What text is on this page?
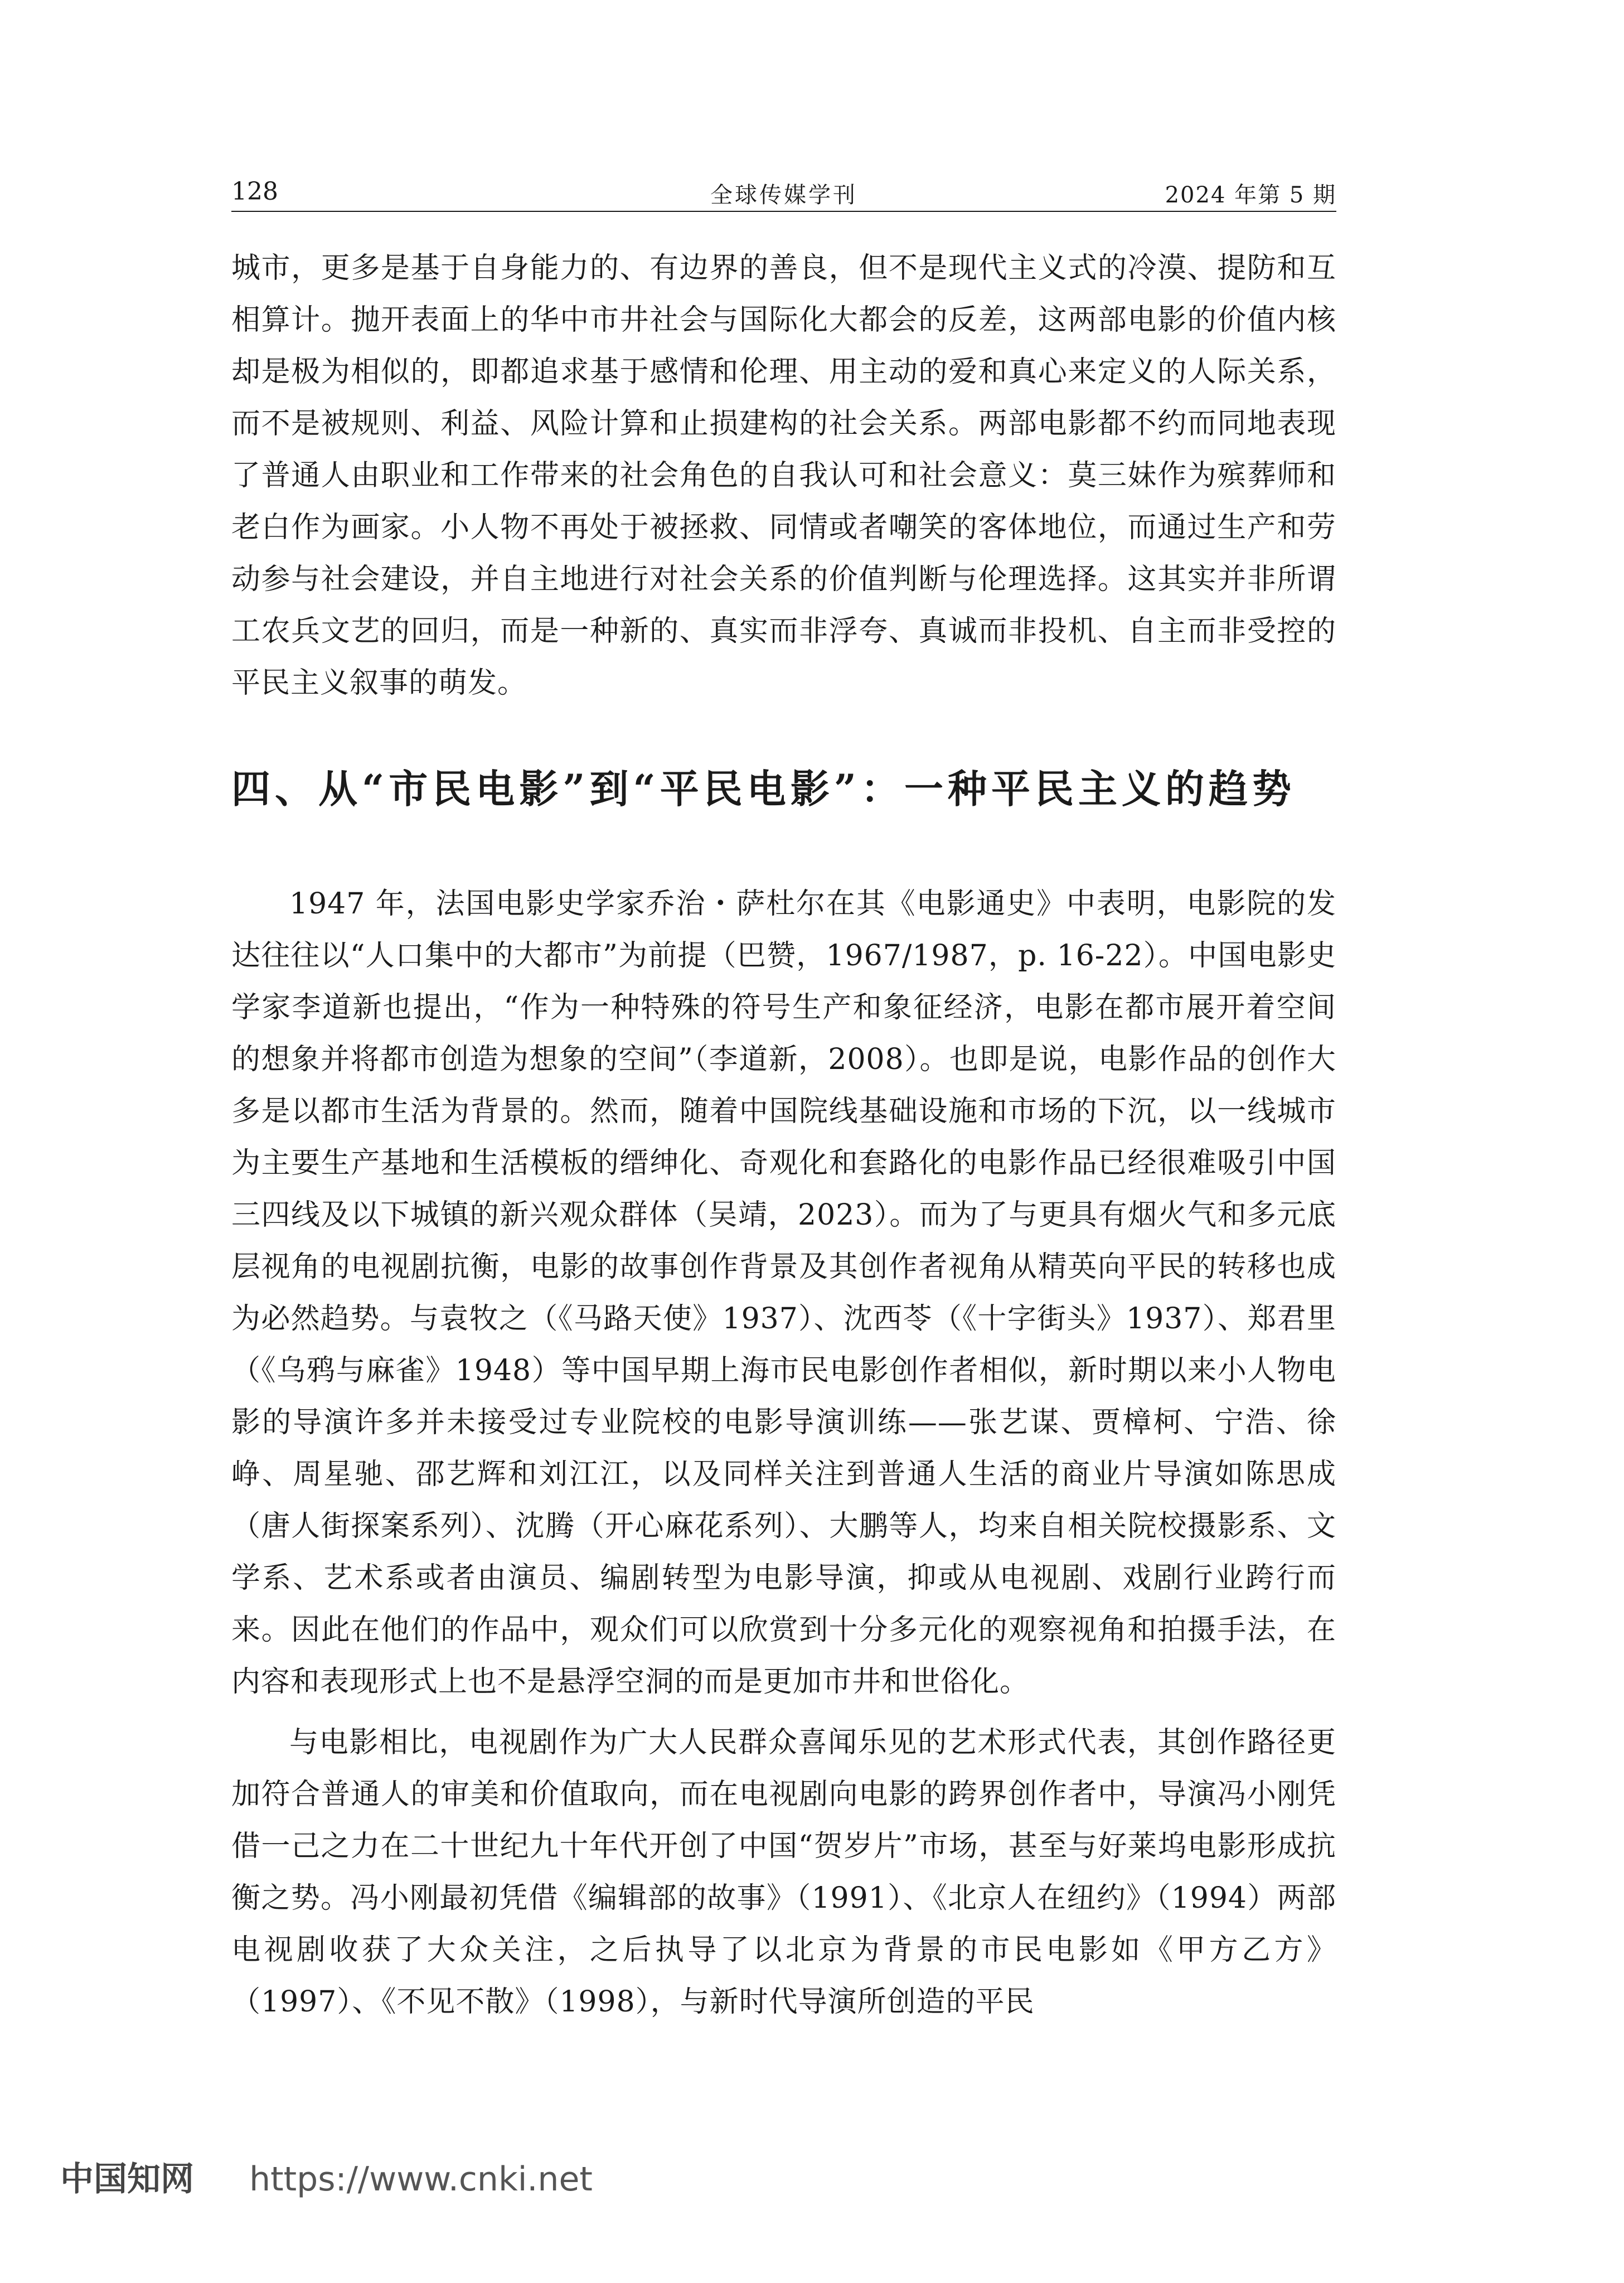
128	全球传媒学刊	2024 年第 5 期

城市，更多是基于自身能力的、有边界的善良，但不是现代主义式的冷漠、提防和互相算计。抛开表面上的华中市井社会与国际化大都会的反差，这两部电影的价值内核却是极为相似的，即都追求基于感情和伦理、用主动的爱和真心来定义的人际关系，而不是被规则、利益、风险计算和止损建构的社会关系。两部电影都不约而同地表现了普通人由职业和工作带来的社会角色的自我认可和社会意义：莫三妹作为殡葬师和老白作为画家。小人物不再处于被拯救、同情或者嘲笑的客体地位，而通过生产和劳动参与社会建设，并自主地进行对社会关系的价值判断与伦理选择。这其实并非所谓工农兵文艺的回归，而是一种新的、真实而非浮夸、真诚而非投机、自主而非受控的平民主义叙事的萌发。

四、从“市民电影”到“平民电影”：一种平民主义的趋势

1947 年，法国电影史学家乔治・萨杜尔在其《电影通史》中表明，电影院的发达往往以“人口集中的大都市”为前提（巴赞，1967/1987，p. 16-22）。中国电影史学家李道新也提出，“作为一种特殊的符号生产和象征经济，电影在都市展开着空间的想象并将都市创造为想象的空间”（李道新，2008）。也即是说，电影作品的创作大多是以都市生活为背景的。然而，随着中国院线基础设施和市场的下沉，以一线城市为主要生产基地和生活模板的缙绅化、奇观化和套路化的电影作品已经很难吸引中国三四线及以下城镇的新兴观众群体（吴靖，2023）。而为了与更具有烟火气和多元底层视角的电视剧抗衡，电影的故事创作背景及其创作者视角从精英向平民的转移也成为必然趋势。与袁牧之（《马路天使》1937）、沈西苓（《十字街头》1937）、郑君里（《乌鸦与麻雀》1948）等中国早期上海市民电影创作者相似，新时期以来小人物电影的导演许多并未接受过专业院校的电影导演训练——张艺谋、贾樟柯、宁浩、徐峥、周星驰、邵艺辉和刘江江，以及同样关注到普通人生活的商业片导演如陈思成（唐人街探案系列）、沈腾（开心麻花系列）、大鹏等人，均来自相关院校摄影系、文学系、艺术系或者由演员、编剧转型为电影导演，抑或从电视剧、戏剧行业跨行而来。因此在他们的作品中，观众们可以欣赏到十分多元化的观察视角和拍摄手法，在内容和表现形式上也不是悬浮空洞的而是更加市井和世俗化。

与电影相比，电视剧作为广大人民群众喜闻乐见的艺术形式代表，其创作路径更加符合普通人的审美和价值取向，而在电视剧向电影的跨界创作者中，导演冯小刚凭借一己之力在二十世纪九十年代开创了中国“贺岁片”市场，甚至与好莱坞电影形成抗衡之势。冯小刚最初凭借《编辑部的故事》（1991）、《北京人在纽约》（1994）两部电视剧收获了大众关注，之后执导了以北京为背景的市民电影如《甲方乙方》（1997）、《不见不散》（1998），与新时代导演所创造的平民

中国知网 https://www.cnki.net
